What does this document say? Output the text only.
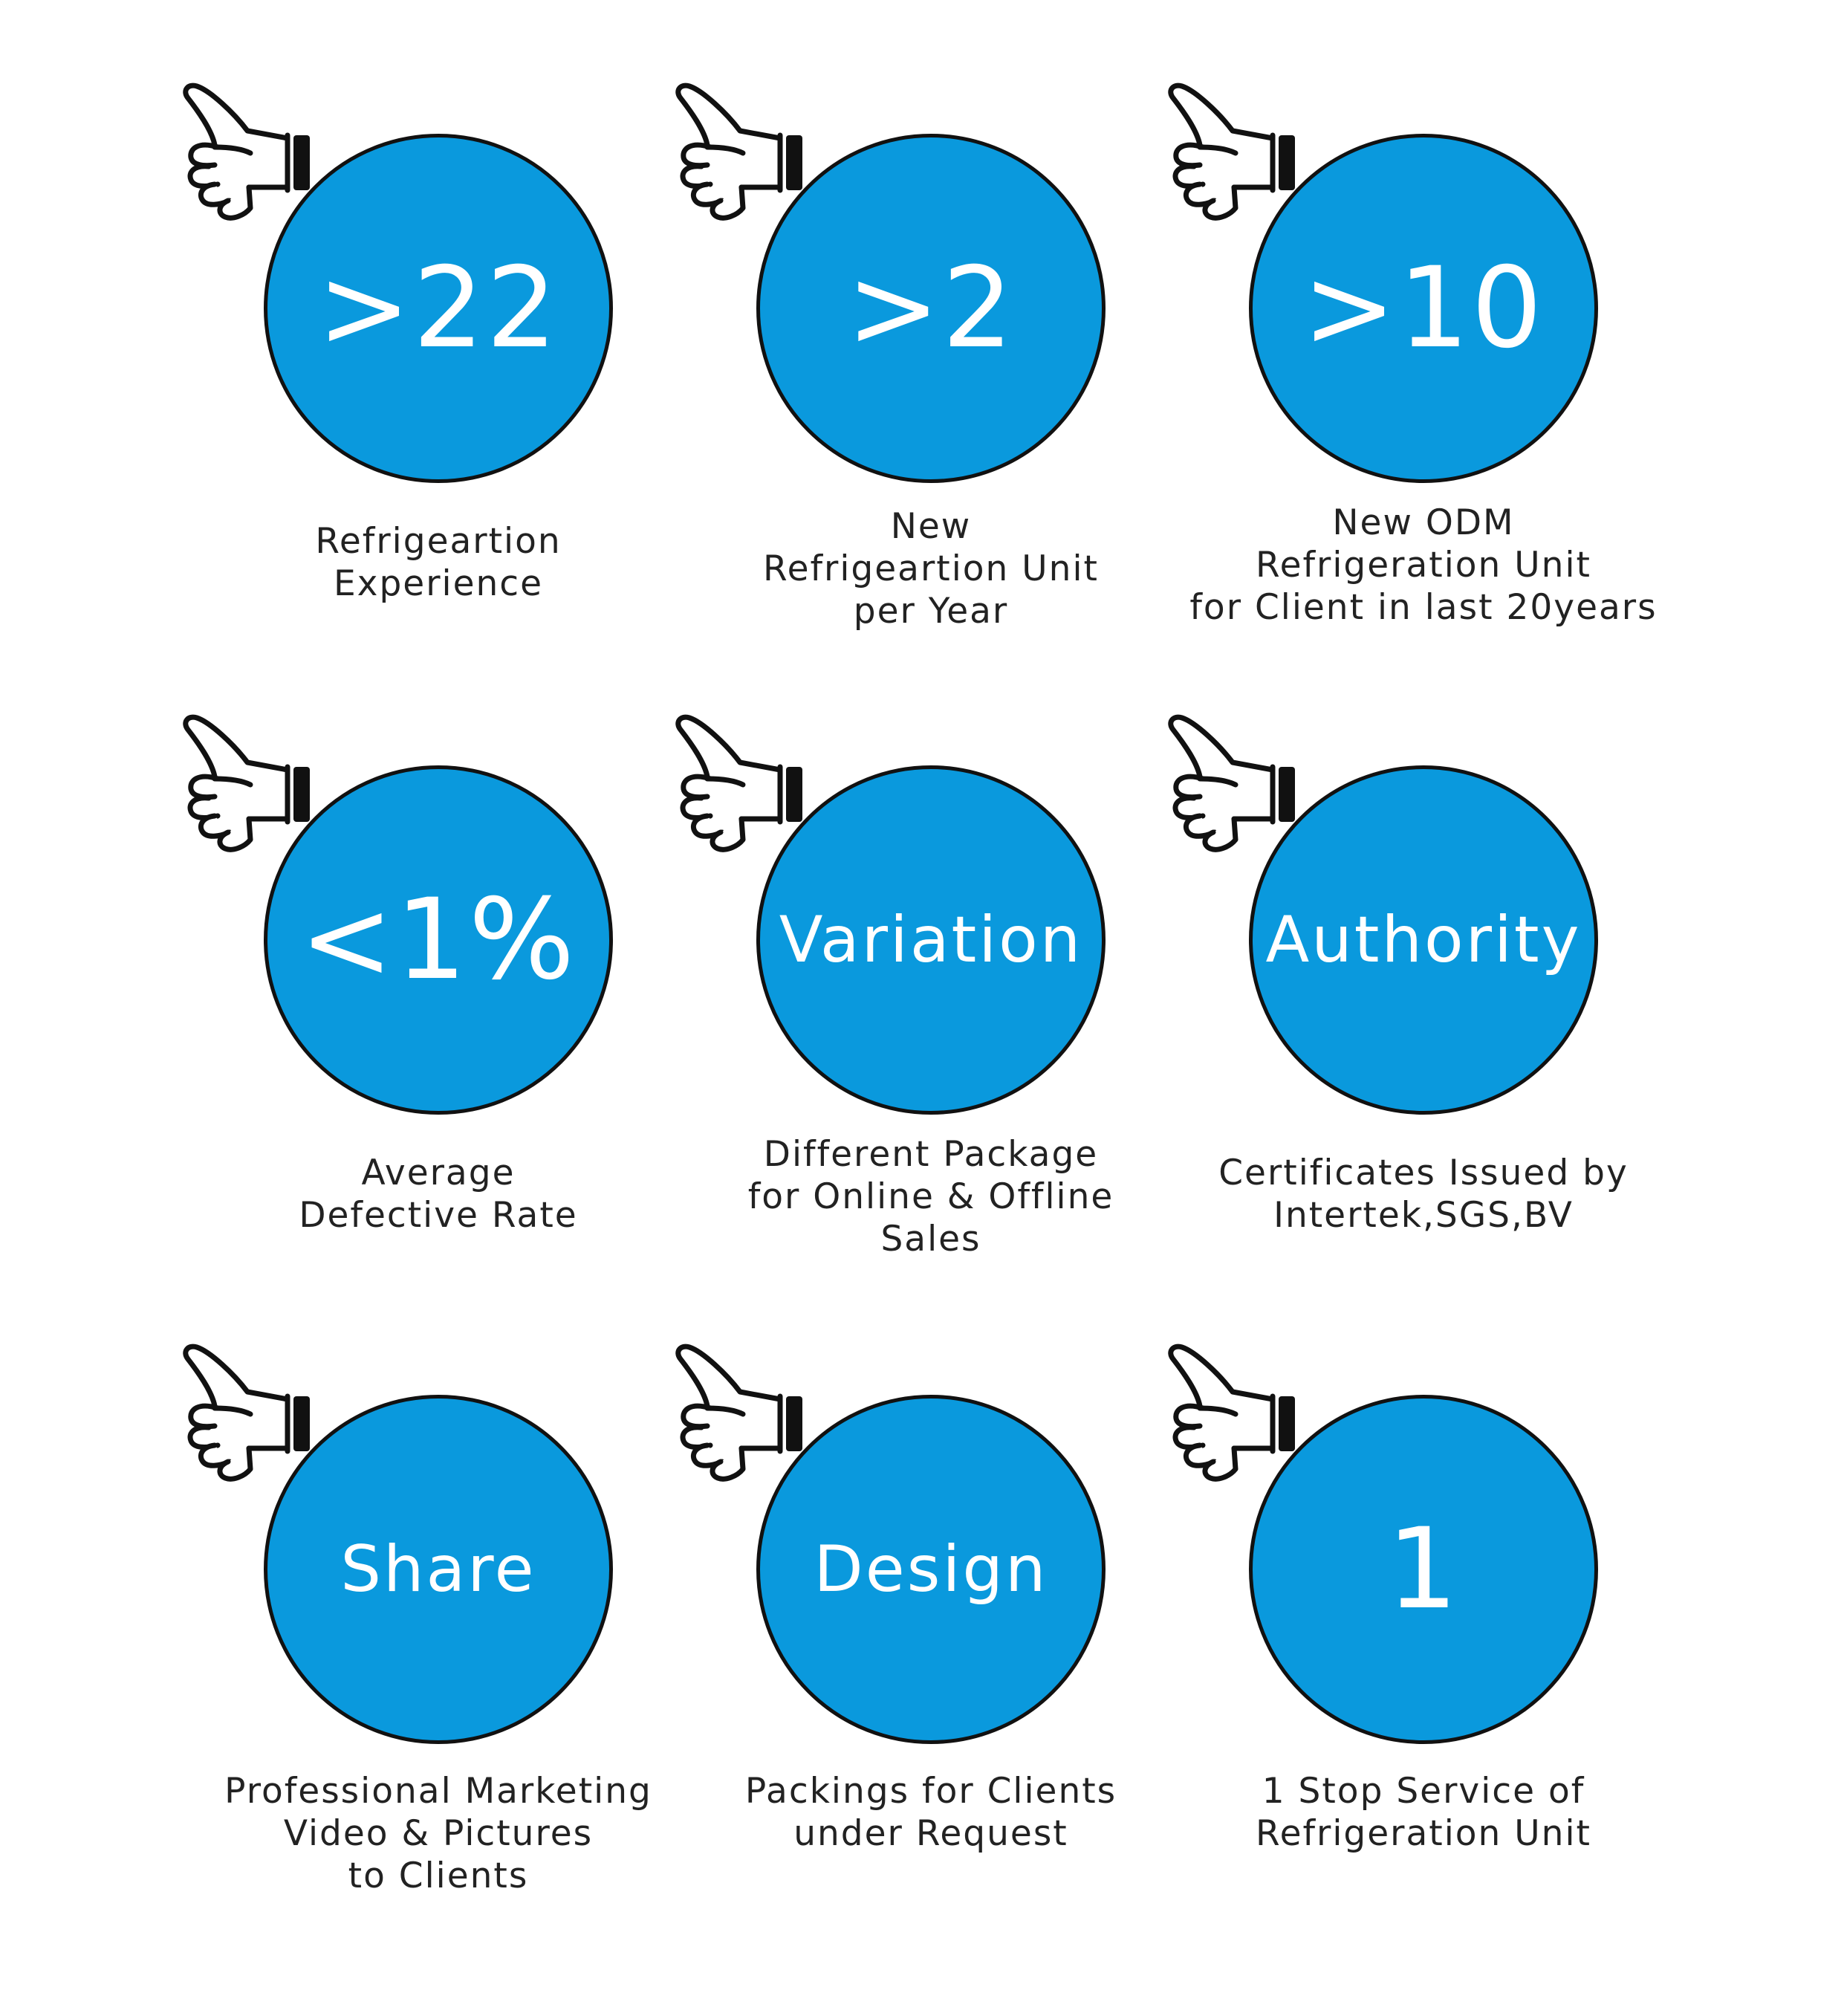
>22
Refrigeartion
Experience
>2
New
Refrigeartion Unit
per Year
>10
New ODM
Refrigeration Unit
for Client in last 20years
<1%
Average
Defective Rate
Variation
Different Package
for Online & Offline
Sales
Authority
Certificates Issued by
Intertek,SGS,BV
Share
Professional Marketing
Video & Pictures
to Clients
Design
Packings for Clients
under Request
1
1 Stop Service of
Refrigeration Unit
